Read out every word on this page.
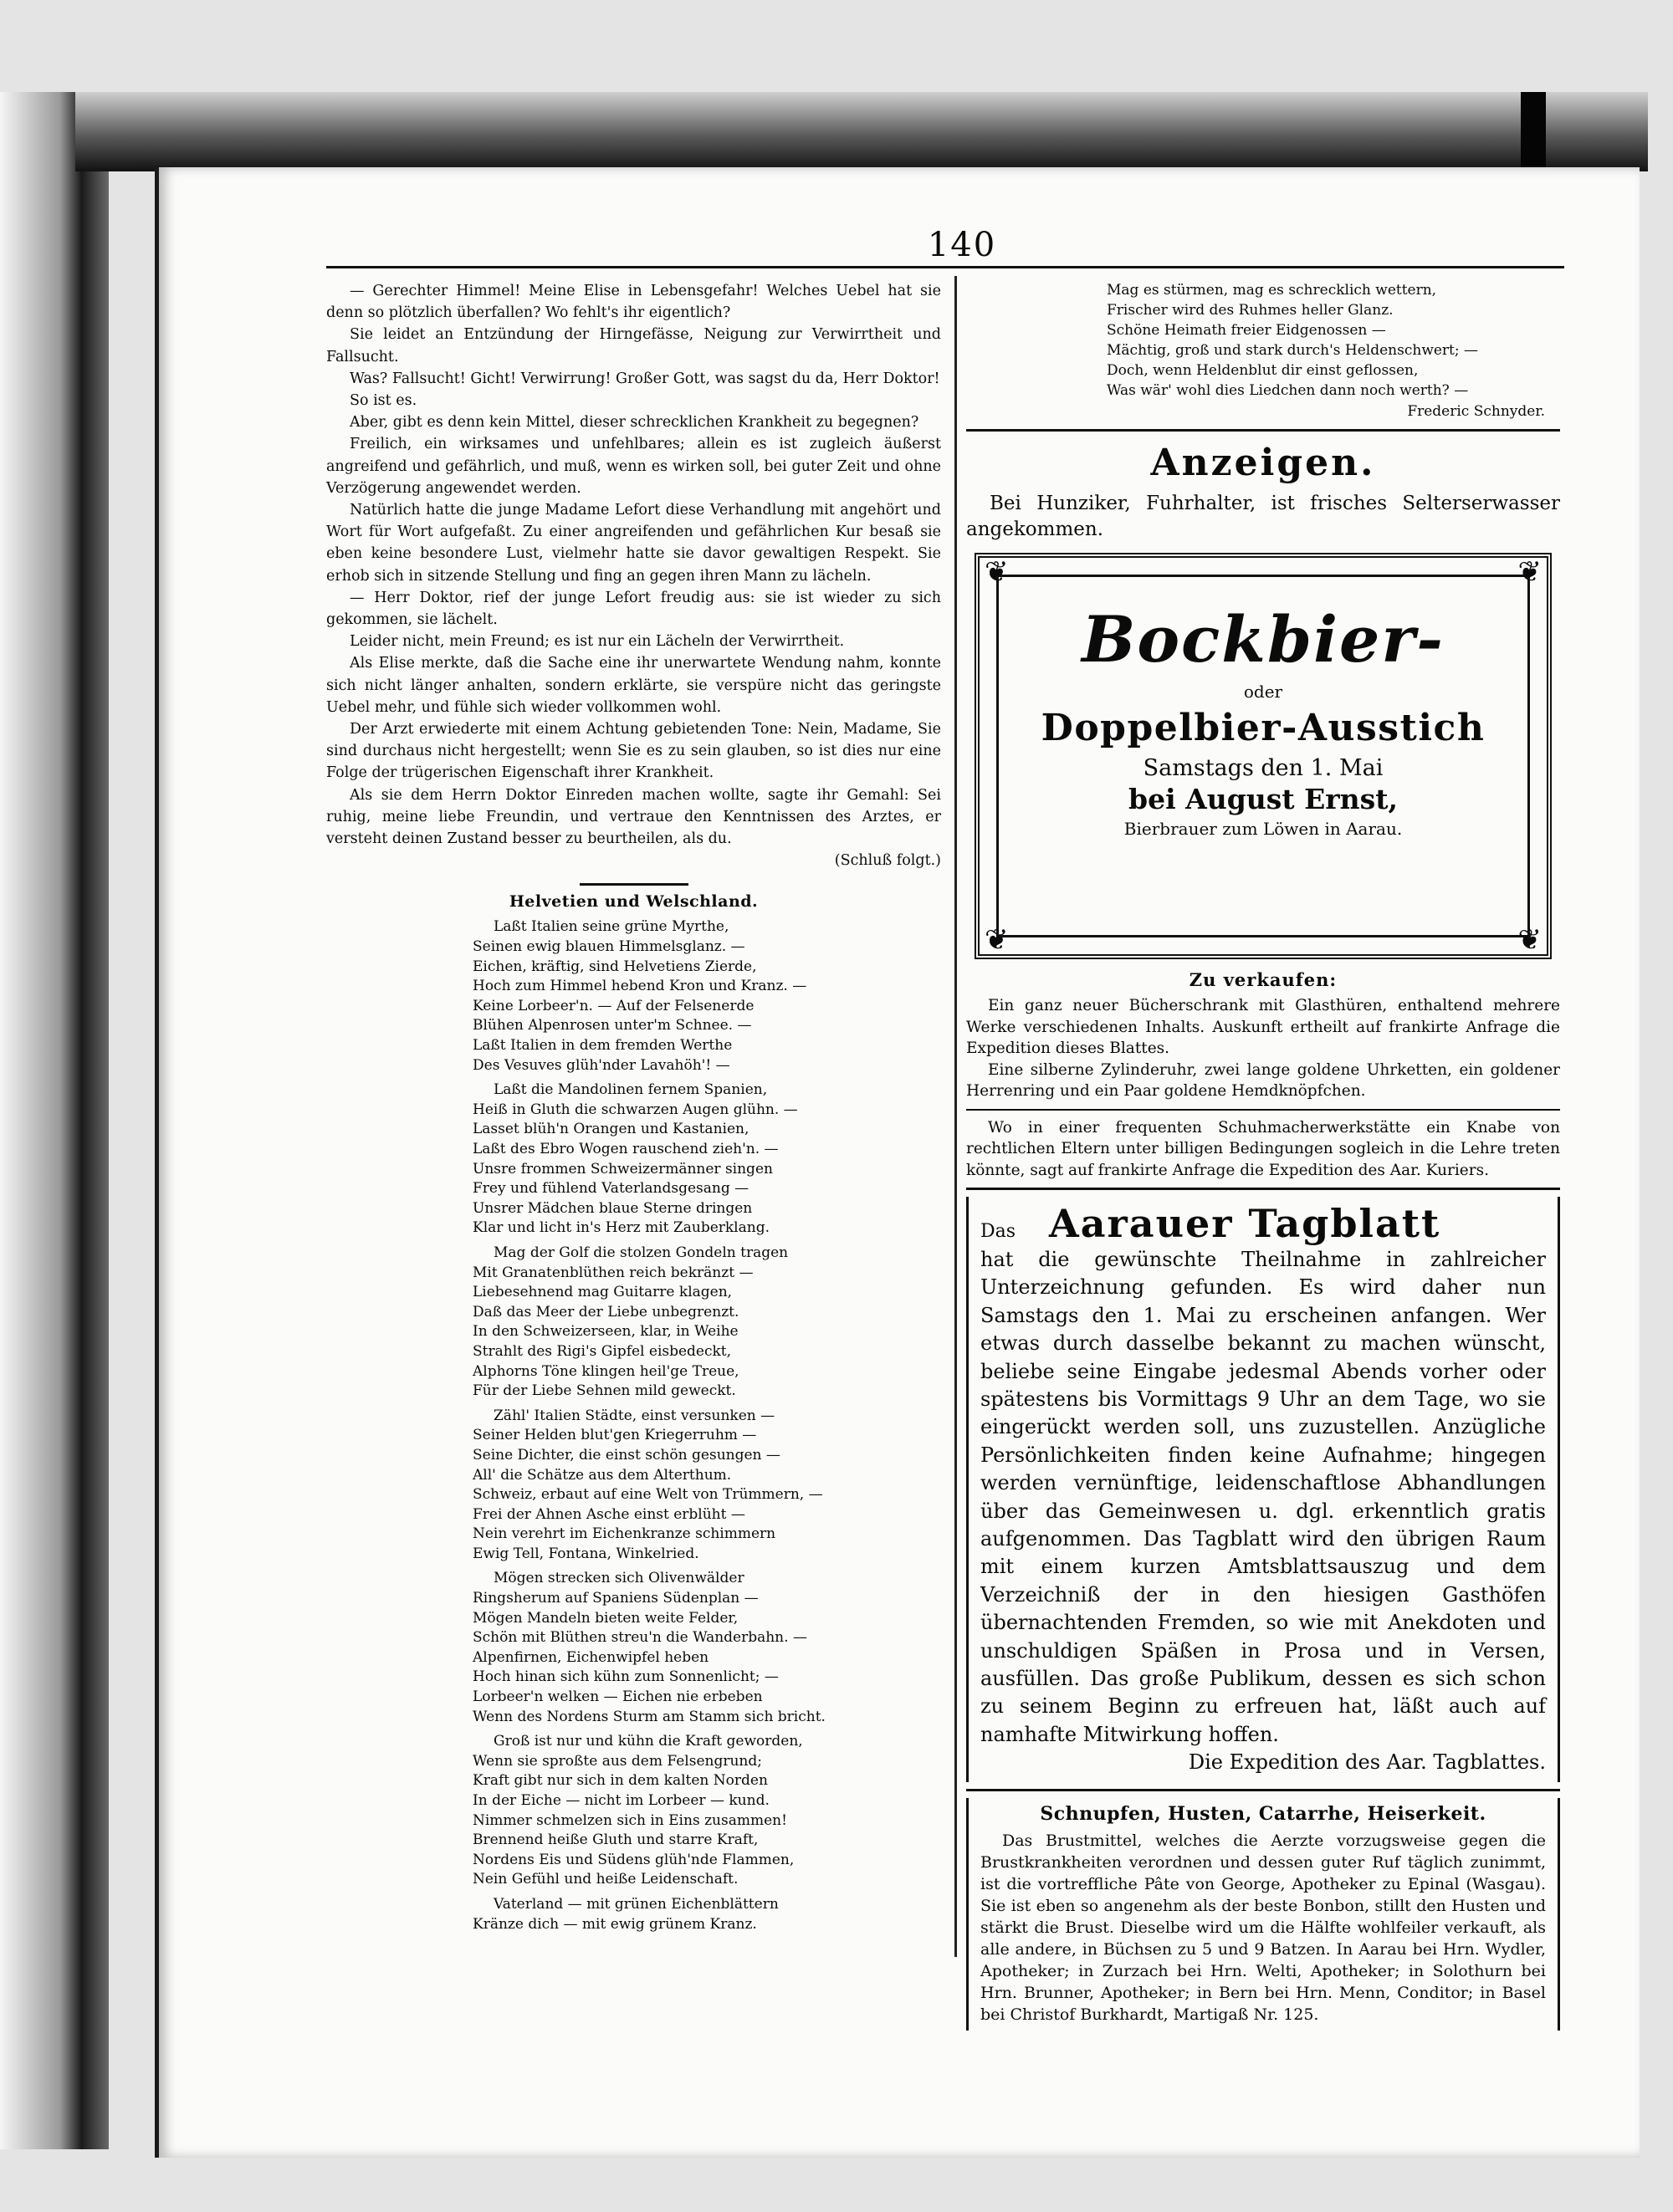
140

— Gerechter Himmel! Meine Elise in Lebensgefahr! Welches Uebel hat sie denn so plötzlich überfallen? Wo fehlt's ihr eigentlich?

Sie leidet an Entzündung der Hirngefässe, Neigung zur Verwirrtheit und Fallsucht.

Was? Fallsucht! Gicht! Verwirrung! Großer Gott, was sagst du da, Herr Doktor!

So ist es.

Aber, gibt es denn kein Mittel, dieser schrecklichen Krankheit zu begegnen?

Freilich, ein wirksames und unfehlbares; allein es ist zugleich äußerst angreifend und gefährlich, und muß, wenn es wirken soll, bei guter Zeit und ohne Verzögerung angewendet werden.

Natürlich hatte die junge Madame Lefort diese Verhandlung mit angehört und Wort für Wort aufgefaßt. Zu einer angreifenden und gefährlichen Kur besaß sie eben keine besondere Lust, vielmehr hatte sie davor gewaltigen Respekt. Sie erhob sich in sitzende Stellung und fing an gegen ihren Mann zu lächeln.

— Herr Doktor, rief der junge Lefort freudig aus: sie ist wieder zu sich gekommen, sie lächelt.

Leider nicht, mein Freund; es ist nur ein Lächeln der Verwirrtheit.

Als Elise merkte, daß die Sache eine ihr unerwartete Wendung nahm, konnte sich nicht länger anhalten, sondern erklärte, sie verspüre nicht das geringste Uebel mehr, und fühle sich wieder vollkommen wohl.

Der Arzt erwiederte mit einem Achtung gebietenden Tone: Nein, Madame, Sie sind durchaus nicht hergestellt; wenn Sie es zu sein glauben, so ist dies nur eine Folge der trügerischen Eigenschaft ihrer Krankheit.

Als sie dem Herrn Doktor Einreden machen wollte, sagte ihr Gemahl: Sei ruhig, meine liebe Freundin, und vertraue den Kenntnissen des Arztes, er versteht deinen Zustand besser zu beurtheilen, als du.

(Schluß folgt.)

Helvetien und Welschland.
Laßt Italien seine grüne Myrthe,
Seinen ewig blauen Himmelsglanz. —
Eichen, kräftig, sind Helvetiens Zierde,
Hoch zum Himmel hebend Kron und Kranz. —
Keine Lorbeer'n. — Auf der Felsenerde
Blühen Alpenrosen unter'm Schnee. —
Laßt Italien in dem fremden Werthe
Des Vesuves glüh'nder Lavahöh'! —
Laßt die Mandolinen fernem Spanien,
Heiß in Gluth die schwarzen Augen glühn. —
Lasset blüh'n Orangen und Kastanien,
Laßt des Ebro Wogen rauschend zieh'n. —
Unsre frommen Schweizermänner singen
Frey und fühlend Vaterlandsgesang —
Unsrer Mädchen blaue Sterne dringen
Klar und licht in's Herz mit Zauberklang.
Mag der Golf die stolzen Gondeln tragen
Mit Granatenblüthen reich bekränzt —
Liebesehnend mag Guitarre klagen,
Daß das Meer der Liebe unbegrenzt.
In den Schweizerseen, klar, in Weihe
Strahlt des Rigi's Gipfel eisbedeckt,
Alphorns Töne klingen heil'ge Treue,
Für der Liebe Sehnen mild geweckt.
Zähl' Italien Städte, einst versunken —
Seiner Helden blut'gen Kriegerruhm —
Seine Dichter, die einst schön gesungen —
All' die Schätze aus dem Alterthum.
Schweiz, erbaut auf eine Welt von Trümmern, —
Frei der Ahnen Asche einst erblüht —
Nein verehrt im Eichenkranze schimmern
Ewig Tell, Fontana, Winkelried.
Mögen strecken sich Olivenwälder
Ringsherum auf Spaniens Südenplan —
Mögen Mandeln bieten weite Felder,
Schön mit Blüthen streu'n die Wanderbahn. —
Alpenfirnen, Eichenwipfel heben
Hoch hinan sich kühn zum Sonnenlicht; —
Lorbeer'n welken — Eichen nie erbeben
Wenn des Nordens Sturm am Stamm sich bricht.
Groß ist nur und kühn die Kraft geworden,
Wenn sie sproßte aus dem Felsengrund;
Kraft gibt nur sich in dem kalten Norden
In der Eiche — nicht im Lorbeer — kund.
Nimmer schmelzen sich in Eins zusammen!
Brennend heiße Gluth und starre Kraft,
Nordens Eis und Südens glüh'nde Flammen,
Nein Gefühl und heiße Leidenschaft.
Vaterland — mit grünen Eichenblättern
Kränze dich — mit ewig grünem Kranz.
Mag es stürmen, mag es schrecklich wettern,
Frischer wird des Ruhmes heller Glanz.
Schöne Heimath freier Eidgenossen —
Mächtig, groß und stark durch's Heldenschwert; —
Doch, wenn Heldenblut dir einst geflossen,
Was wär' wohl dies Liedchen dann noch werth? —
Frederic Schnyder.
Anzeigen.

Bei Hunziker, Fuhrhalter, ist frisches Selterserwasser angekommen.

❦	❦
❦	❦
Bockbier-
oder
Doppelbier-Ausstich
Samstags den 1. Mai
bei August Ernst,
Bierbrauer zum Löwen in Aarau.
Zu verkaufen:

Ein ganz neuer Bücherschrank mit Glasthüren, enthaltend mehrere Werke verschiedenen Inhalts. Auskunft ertheilt auf frankirte Anfrage die Expedition dieses Blattes.

Eine silberne Zylinderuhr, zwei lange goldene Uhrketten, ein goldener Herrenring und ein Paar goldene Hemdknöpfchen.

Wo in einer frequenten Schuhmacherwerkstätte ein Knabe von rechtlichen Eltern unter billigen Bedingungen sogleich in die Lehre treten könnte, sagt auf frankirte Anfrage die Expedition des Aar. Kuriers.

Das Aarauer Tagblatt

hat die gewünschte Theilnahme in zahlreicher Unterzeichnung gefunden. Es wird daher nun Samstags den 1. Mai zu erscheinen anfangen. Wer etwas durch dasselbe bekannt zu machen wünscht, beliebe seine Eingabe jedesmal Abends vorher oder spätestens bis Vormittags 9 Uhr an dem Tage, wo sie eingerückt werden soll, uns zuzustellen. Anzügliche Persönlichkeiten finden keine Aufnahme; hingegen werden vernünftige, leidenschaftlose Abhandlungen über das Gemeinwesen u. dgl. erkenntlich gratis aufgenommen. Das Tagblatt wird den übrigen Raum mit einem kurzen Amtsblattsauszug und dem Verzeichniß der in den hiesigen Gasthöfen übernachtenden Fremden, so wie mit Anekdoten und unschuldigen Späßen in Prosa und in Versen, ausfüllen. Das große Publikum, dessen es sich schon zu seinem Beginn zu erfreuen hat, läßt auch auf namhafte Mitwirkung hoffen.

Die Expedition des Aar. Tagblattes.

Schnupfen, Husten, Catarrhe, Heiserkeit.

Das Brustmittel, welches die Aerzte vorzugsweise gegen die Brustkrankheiten verordnen und dessen guter Ruf täglich zunimmt, ist die vortreffliche Pâte von George, Apotheker zu Epinal (Wasgau). Sie ist eben so angenehm als der beste Bonbon, stillt den Husten und stärkt die Brust. Dieselbe wird um die Hälfte wohlfeiler verkauft, als alle andere, in Büchsen zu 5 und 9 Batzen. In Aarau bei Hrn. Wydler, Apotheker; in Zurzach bei Hrn. Welti, Apotheker; in Solothurn bei Hrn. Brunner, Apotheker; in Bern bei Hrn. Menn, Conditor; in Basel bei Christof Burkhardt, Martigaß Nr. 125.
